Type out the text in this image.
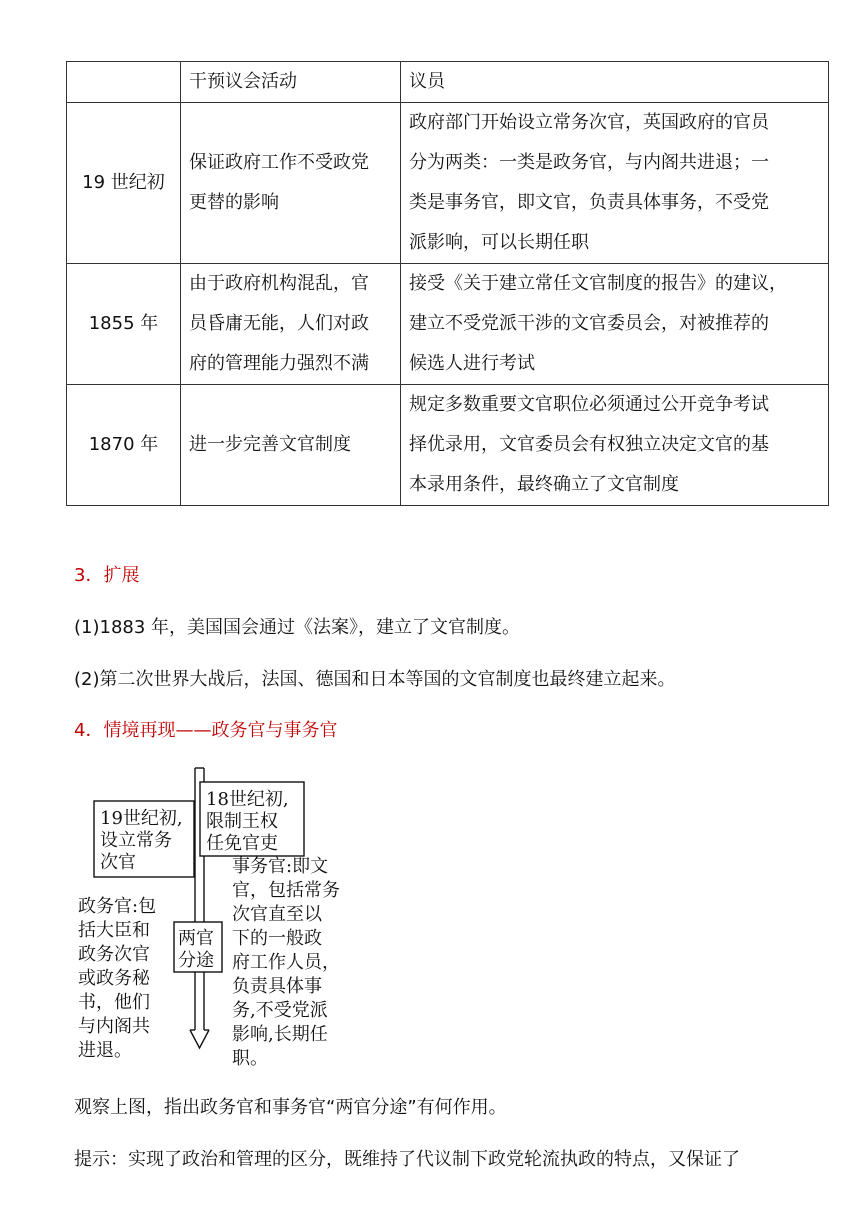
	干预议会活动	议员
19 世纪初	保证政府工作不受政党
更替的影响	政府部门开始设立常务次官，英国政府的官员
分为两类：一类是政务官，与内阁共进退；一
类是事务官，即文官，负责具体事务，不受党
派影响，可以长期任职

1855 年	由于政府机构混乱，官
员昏庸无能，人们对政
府的管理能力强烈不满	接受《关于建立常任文官制度的报告》的建议，
建立不受党派干涉的文官委员会，对被推荐的
候选人进行考试

1870 年	进一步完善文官制度	规定多数重要文官职位必须通过公开竞争考试
择优录用，文官委员会有权独立决定文官的基
本录用条件，最终确立了文官制度
3．扩展
(1)1883 年，美国国会通过《法案》，建立了文官制度。
(2)第二次世界大战后，法国、德国和日本等国的文官制度也最终建立起来。
4．情境再现——政务官与事务官
19世纪初,
设立常务
次官
18世纪初,
限制王权
任免官吏
两官
分途
政务官:包
括大臣和
政务次官
或政务秘
书，他们
与内阁共
进退。
事务官:即文
官，包括常务
次官直至以
下的一般政
府工作人员，
负责具体事
务,不受党派
影响,长期任
职。
观察上图，指出政务官和事务官“两官分途”有何作用。
提示：实现了政治和管理的区分，既维持了代议制下政党轮流执政的特点，又保证了
